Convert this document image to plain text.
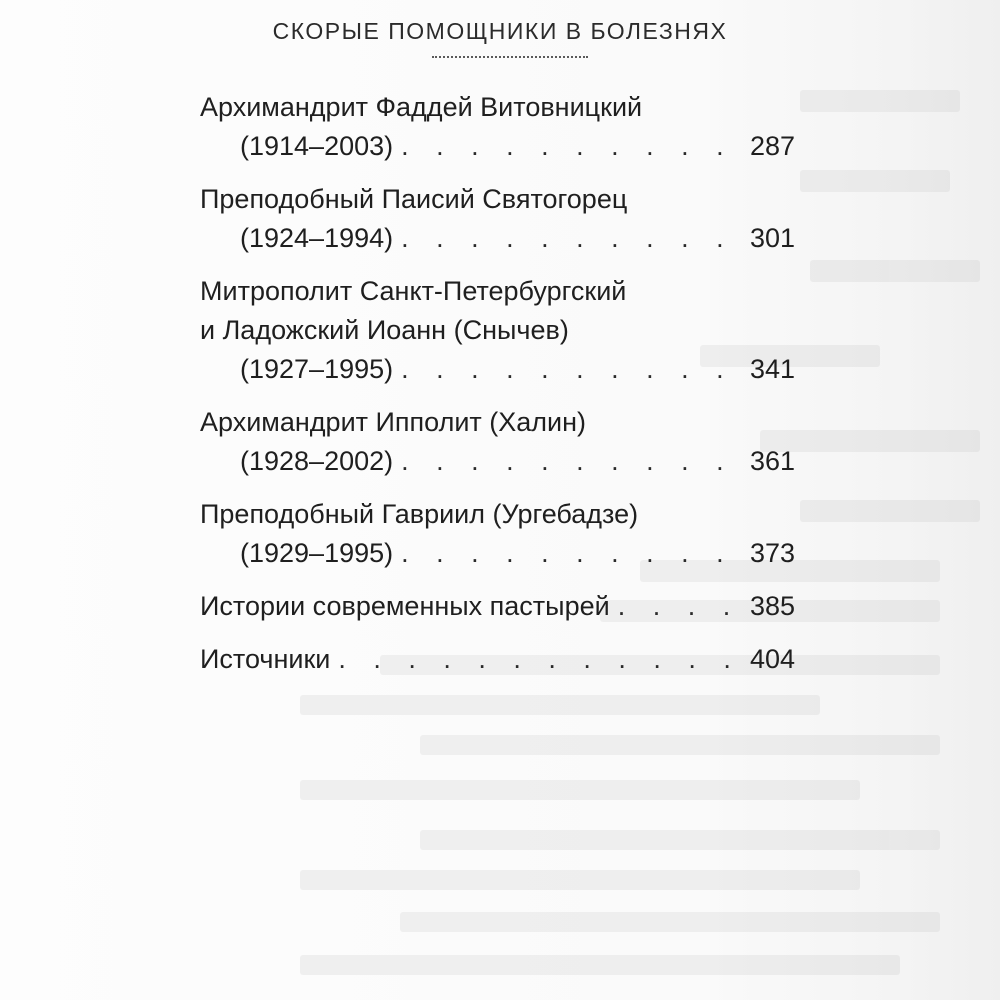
СКОРЫЕ ПОМОЩНИКИ В БОЛЕЗНЯХ
Архимандрит Фаддей Витовницкий
(1914–2003) . . .	287
Преподобный Паисий Святогорец
(1924–1994) . . .	301
Митрополит Санкт-Петербургский
и Ладожский Иоанн (Снычев)
(1927–1995) . . .	341
Архимандрит Ипполит (Халин)
(1928–2002) . . .	361
Преподобный Гавриил (Ургебадзе)
(1929–1995) . . .	373
Истории современных пастырей . . .	385
Источники . . .	404
